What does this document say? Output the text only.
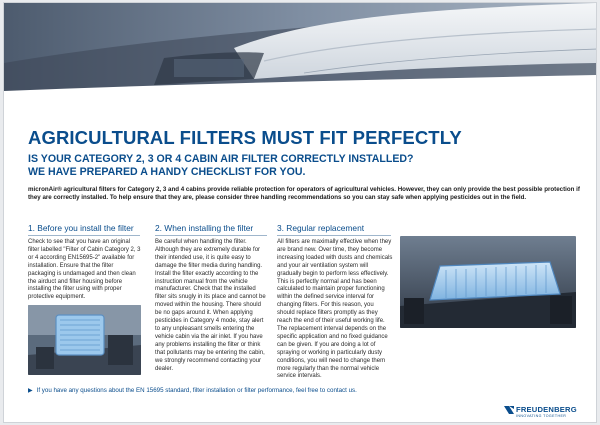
AGRICULTURAL FILTERS MUST FIT PERFECTLY
IS YOUR CATEGORY 2, 3 OR 4 CABIN AIR FILTER CORRECTLY INSTALLED?
WE HAVE PREPARED A HANDY CHECKLIST FOR YOU.
micronAir® agricultural filters for Category 2, 3 and 4 cabins provide reliable protection for operators of agricultural vehicles. However, they can only provide the best possible protection if they are correctly installed. To help ensure that they are, please consider three handling recommendations so you can stay safe when applying pesticides out in the field.
1. Before you install the filter
Check to see that you have an original filter labelled "Filter of Cabin Category 2, 3 or 4 according EN15695-2" available for installation. Ensure that the filter packaging is undamaged and then clean the airduct and filter housing before installing the filter using with proper protective equipment.
2. When installing the filter
Be careful when handling the filter. Although they are extremely durable for their intended use, it is quite easy to damage the filter media during handling. Install the filter exactly according to the instruction manual from the vehicle manufacturer. Check that the installed filter sits snugly in its place and cannot be moved within the housing. There should be no gaps around it. When applying pesticides in Category 4 mode, stay alert to any unpleasant smells entering the vehicle cabin via the air inlet. If you have any problems installing the filter or think that pollutants may be entering the cabin, we strongly recommend contacting your dealer.
3. Regular replacement
All filters are maximally effective when they are brand new. Over time, they become increasing loaded with dusts and chemicals and your air ventilation system will gradually begin to perform less effectively. This is perfectly normal and has been calculated to maintain proper functioning within the defined service interval for changing filters. For this reason, you should replace filters promptly as they reach the end of their useful working life. The replacement interval depends on the specific application and no fixed guidance can be given. If you are doing a lot of spraying or working in particularly dusty conditions, you will need to change them more regularly than the normal vehicle service intervals.
▶ If you have any questions about the EN 15695 standard, filter installation or filter performance, feel free to contact us.
FREUDENBERG
INNOVATING TOGETHER
